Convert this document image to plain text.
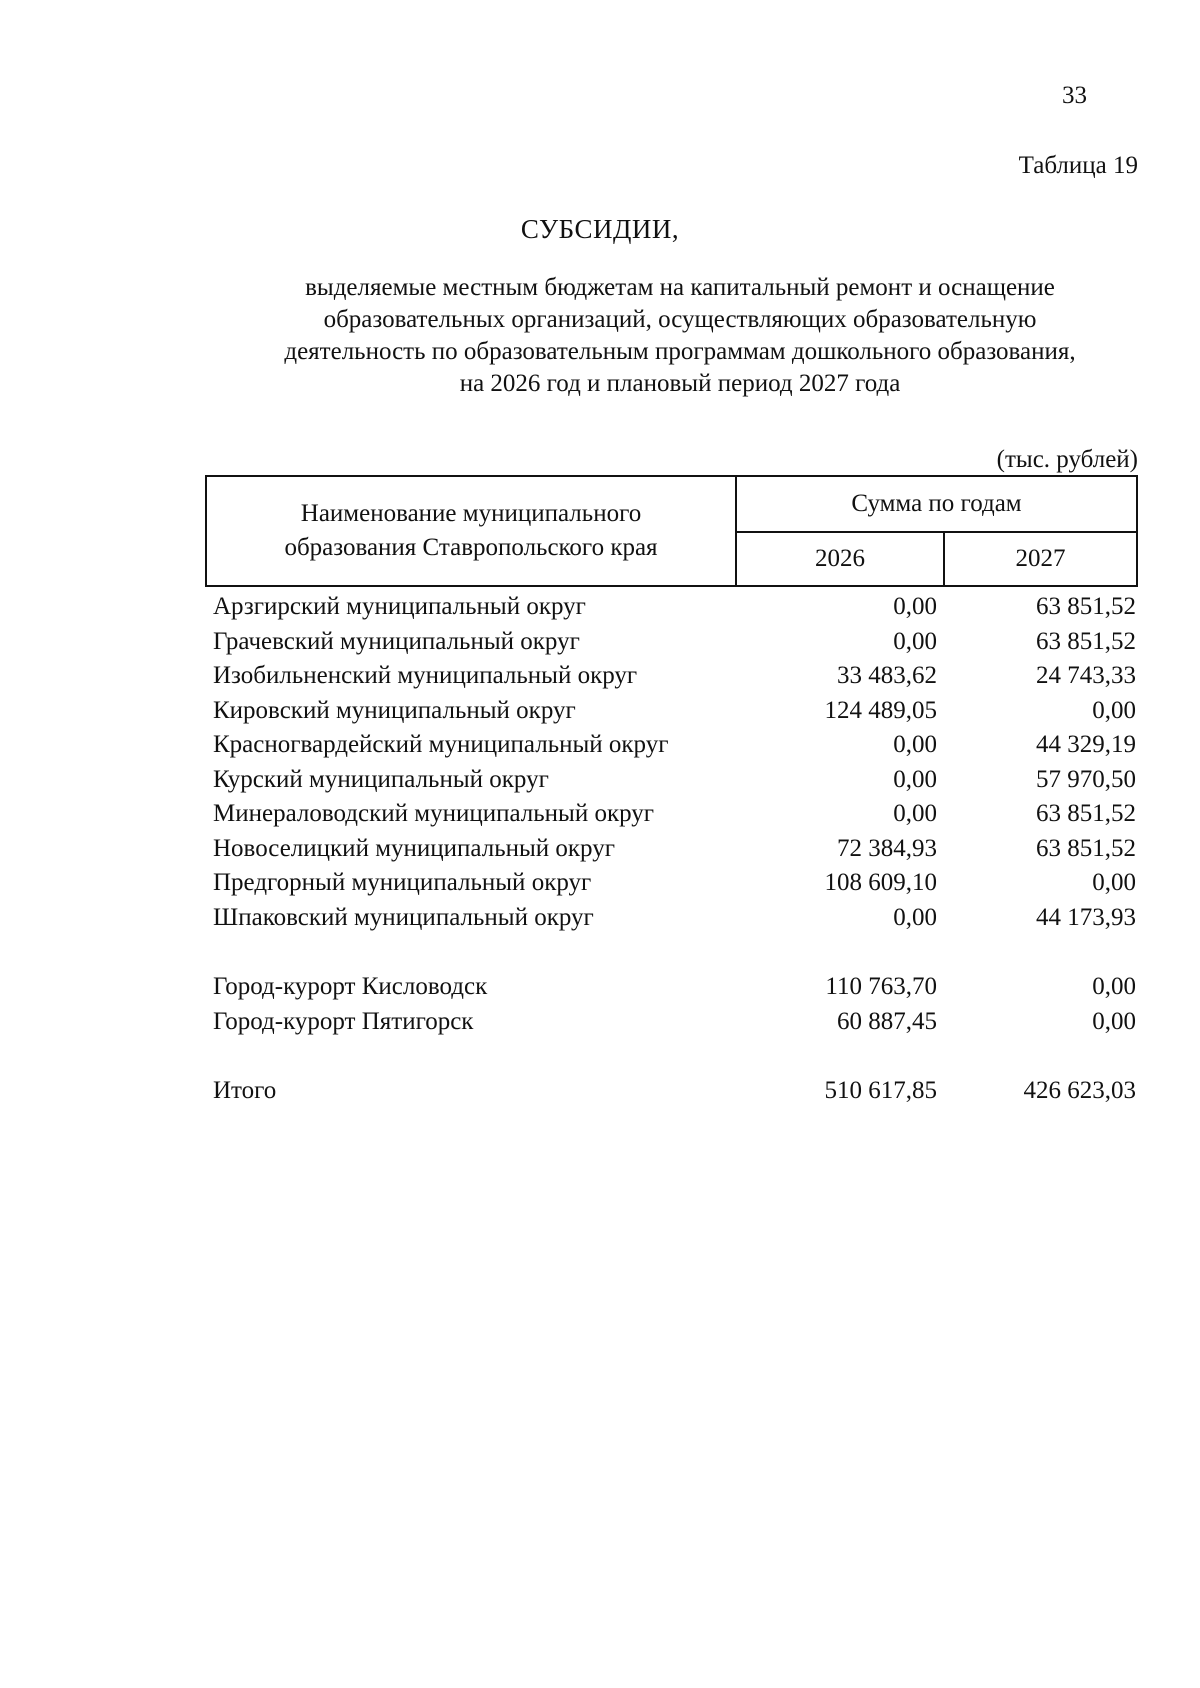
33
Таблица 19
СУБСИДИИ,
выделяемые местным бюджетам на капитальный ремонт и оснащение
образовательных организаций, осуществляющих образовательную
деятельность по образовательным программам дошкольного образования,
на 2026 год и плановый период 2027 года
(тыс. рублей)
Наименование муниципального
образования Ставропольского края
Сумма по годам
2026	2027
Арзгирский муниципальный округ	0,00	63 851,52
Грачевский муниципальный округ	0,00	63 851,52
Изобильненский муниципальный округ	33 483,62	24 743,33
Кировский муниципальный округ	124 489,05	0,00
Красногвардейский муниципальный округ	0,00	44 329,19
Курский муниципальный округ	0,00	57 970,50
Минераловодский муниципальный округ	0,00	63 851,52
Новоселицкий муниципальный округ	72 384,93	63 851,52
Предгорный муниципальный округ	108 609,10	0,00
Шпаковский муниципальный округ	0,00	44 173,93
Город-курорт Кисловодск	110 763,70	0,00
Город-курорт Пятигорск	60 887,45	0,00
Итого	510 617,85	426 623,03
